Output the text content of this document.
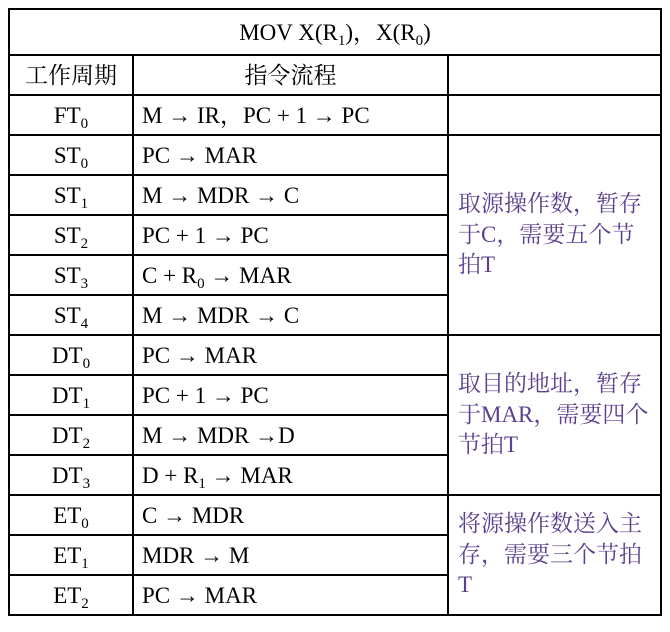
MOV $X(R_1)$，$X(R_0)$		
工作周期	指令流程	
$FT_0$	M → IR，PC + 1 → PC	
$ST_0$	PC → MAR	取源操作数，暂存于C，需要五个节拍T
$ST_1$	M → MDR → C	
$ST_2$	PC + 1 → PC	
$ST_3$	$C + R_0$ → MAR	
$ST_4$	M → MDR → C	
$DT_0$	PC → MAR	取目的地址，暂存于MAR，需要四个节拍T
$DT_1$	PC + 1 → PC	
$DT_2$	M → MDR →D	
$DT_3$	$D + R_1$ → MAR	
$ET_0$	C → MDR	将源操作数送入主存，需要三个节拍T
$ET_1$	MDR → M	
$ET_2$	PC → MAR	
